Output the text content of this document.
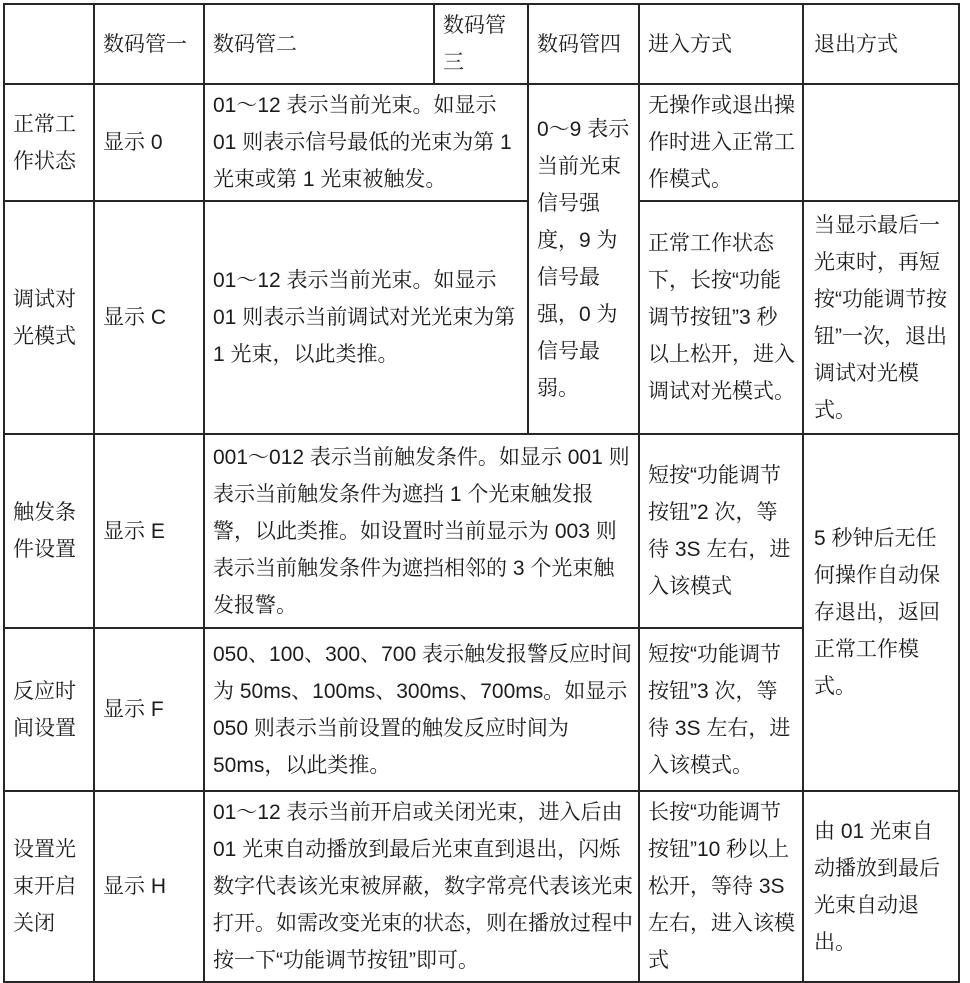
	数码管一	数码管二	数码管三	数码管四	进入方式	退出方式
正常工作状态	显示 0	01～12 表示当前光束。如显示 01 则表示信号最低的光束为第 1 光束或第 1 光束被触发。		0～9 表示当前光束信号强度，9 为信号最强，0 为信号最弱。	无操作或退出操作时进入正常工作模式。	
调试对光模式	显示 C	01～12 表示当前光束。如显示 01 则表示当前调试对光光束为第 1 光束，以此类推。			正常工作状态下，长按“功能调节按钮”3 秒以上松开，进入调试对光模式。	当显示最后一光束时，再短按“功能调节按钮”一次，退出调试对光模式。
触发条件设置	显示 E	001～012 表示当前触发条件。如显示 001 则表示当前触发条件为遮挡 1 个光束触发报警，以此类推。如设置时当前显示为 003 则表示当前触发条件为遮挡相邻的 3 个光束触发报警。			短按“功能调节按钮”2 次，等待 3S 左右，进入该模式	5 秒钟后无任何操作自动保存退出，返回正常工作模式。
反应时间设置	显示 F	050、100、300、700 表示触发报警反应时间为 50ms、100ms、300ms、700ms。如显示 050 则表示当前设置的触发反应时间为 50ms，以此类推。			短按“功能调节按钮”3 次，等待 3S 左右，进入该模式。	
设置光束开启关闭	显示 H	01～12 表示当前开启或关闭光束，进入后由 01 光束自动播放到最后光束直到退出，闪烁数字代表该光束被屏蔽，数字常亮代表该光束打开。如需改变光束的状态，则在播放过程中按一下“功能调节按钮”即可。			长按“功能调节按钮”10 秒以上松开，等待 3S 左右，进入该模式	由 01 光束自动播放到最后光束自动退出。
